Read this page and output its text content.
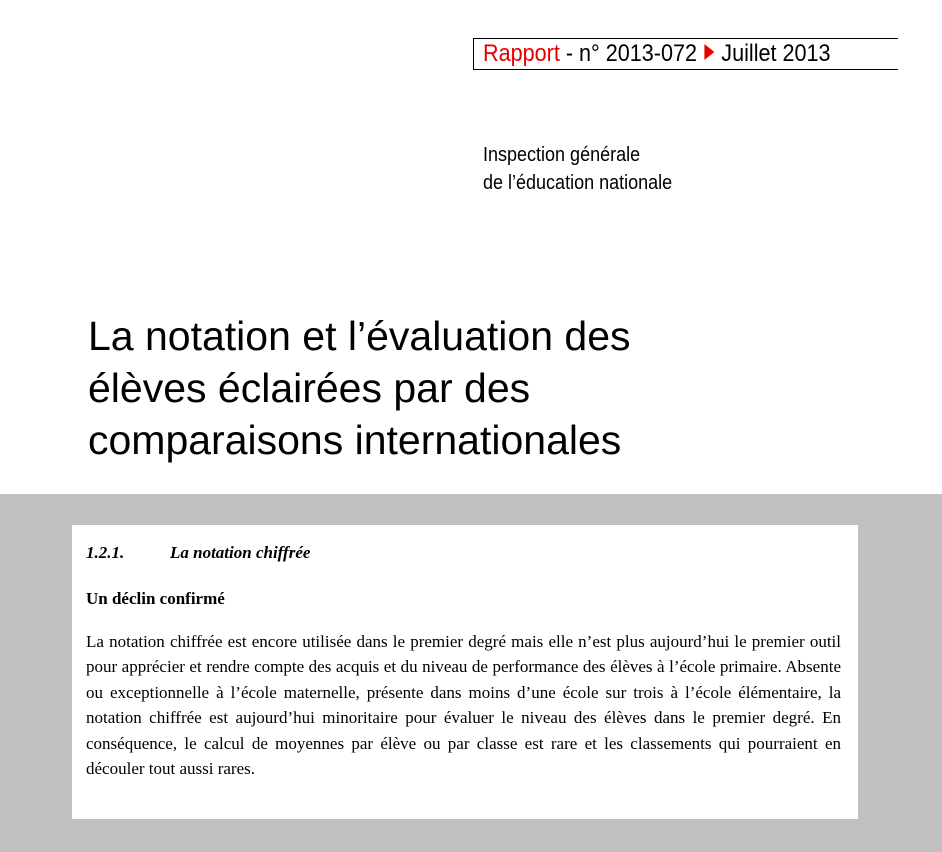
Rapport - n° 2013-072 Juillet 2013
Inspection générale
de l’éducation nationale
La notation et l’évaluation des
élèves éclairées par des
comparaisons internationales
1.2.1.	La notation chiffrée

Un déclin confirmé

La notation chiffrée est encore utilisée dans le premier degré mais elle n’est plus aujourd’hui le premier outil pour apprécier et rendre compte des acquis et du niveau de performance des élèves à l’école primaire. Absente ou exceptionnelle à l’école maternelle, présente dans moins d’une école sur trois à l’école élémentaire, la notation chiffrée est aujourd’hui minoritaire pour évaluer le niveau des élèves dans le premier degré. En conséquence, le calcul de moyennes par élève ou par classe est rare et les classements qui pourraient en découler tout aussi rares.
